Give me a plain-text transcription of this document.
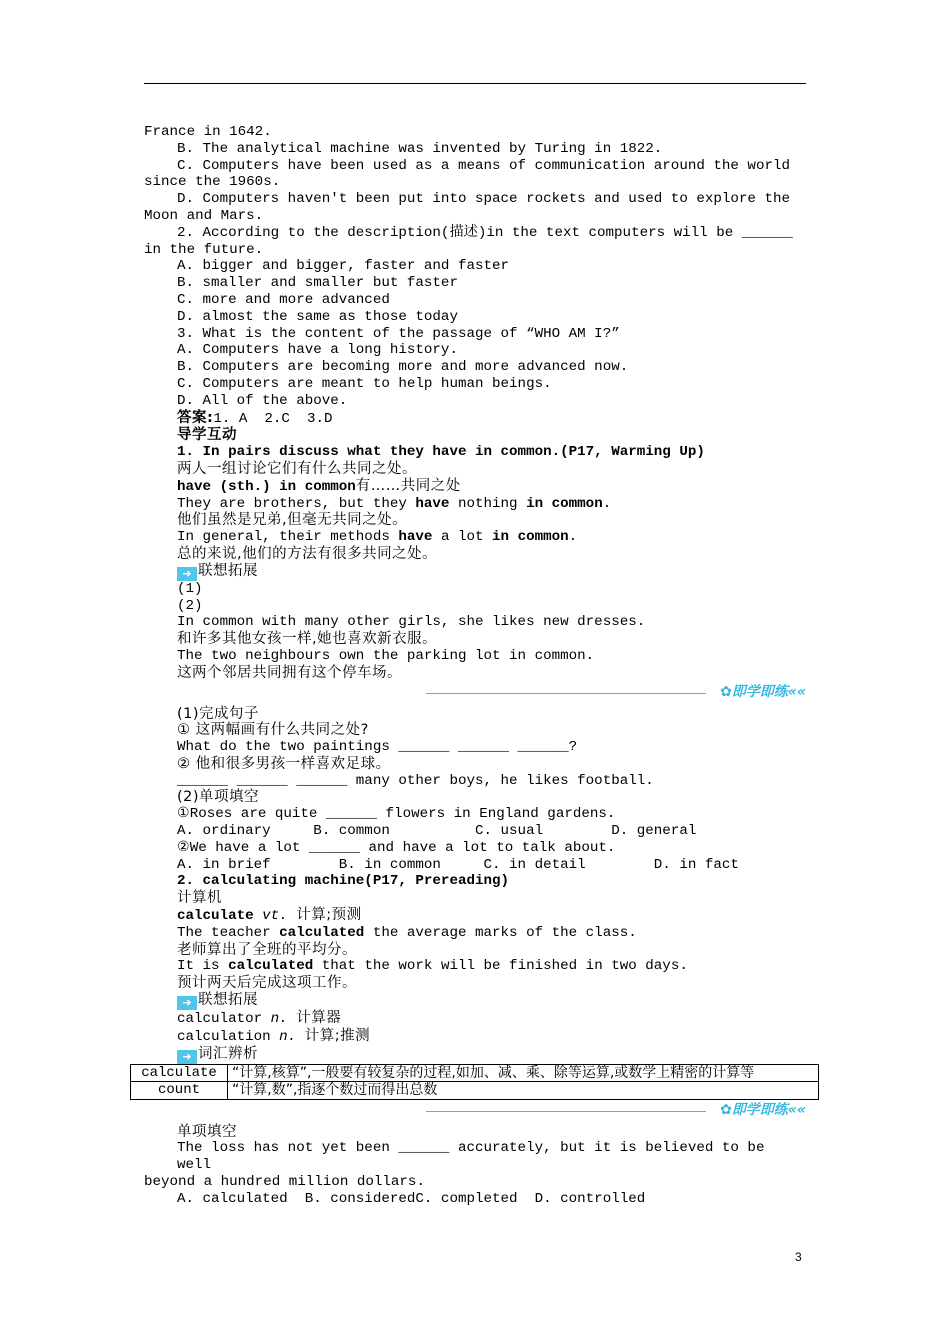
France in 1642.

B. The analytical machine was invented by Turing in 1822.

C. Computers have been used as a means of communication around the world

since the 1960s.

D. Computers haven't been put into space rockets and used to explore the

Moon and Mars.

2. According to the description(描述)in the text computers will be ______

in the future.

A. bigger and bigger, faster and faster

B. smaller and smaller but faster

C. more and more advanced

D. almost the same as those today

3. What is the content of the passage of “WHO AM I?”

A. Computers have a long history.

B. Computers are becoming more and more advanced now.

C. Computers are meant to help human beings.

D. All of the above.

答案:1. A  2.C  3.D

导学互动

1. In pairs discuss what they have in common.(P17, Warming Up)

两人一组讨论它们有什么共同之处。

have (sth.) in common有……共同之处

They are brothers, but they have nothing in common.

他们虽然是兄弟,但毫无共同之处。

In general, their methods have a lot in common.

总的来说,他们的方法有很多共同之处。

➜ 联想拓展

(1)

(2)

In common with many other girls, she likes new dresses.

和许多其他女孩一样,她也喜欢新衣服。

The two neighbours own the parking lot in common.

这两个邻居共同拥有这个停车场。

✿即学即练««

(1)完成句子

① 这两幅画有什么共同之处?

What do the two paintings ______ ______ ______?

② 他和很多男孩一样喜欢足球。

______ ______ ______ many other boys, he likes football.

(2)单项填空

①Roses are quite ______ flowers in England gardens.

A. ordinary     B. common          C. usual        D. general

②We have a lot ______ and have a lot to talk about.

A. in brief        B. in common     C. in detail        D. in fact

2. calculating machine(P17, Prereading)

计算机

calculate vt. 计算;预测

The teacher calculated the average marks of the class.

老师算出了全班的平均分。

It is calculated that the work will be finished in two days.

预计两天后完成这项工作。

➜ 联想拓展

calculator n. 计算器

calculation n. 计算;推测

➜ 词汇辨析

calculate	“计算,核算”,一般要有较复杂的过程,如加、减、乘、除等运算,或数学上精密的计算等
count	“计算,数”,指逐个数过而得出总数
✿即学即练««

单项填空

The loss has not yet been ______ accurately, but it is believed to be well

beyond a hundred million dollars.

A. calculated  B. consideredC. completed  D. controlled

3
